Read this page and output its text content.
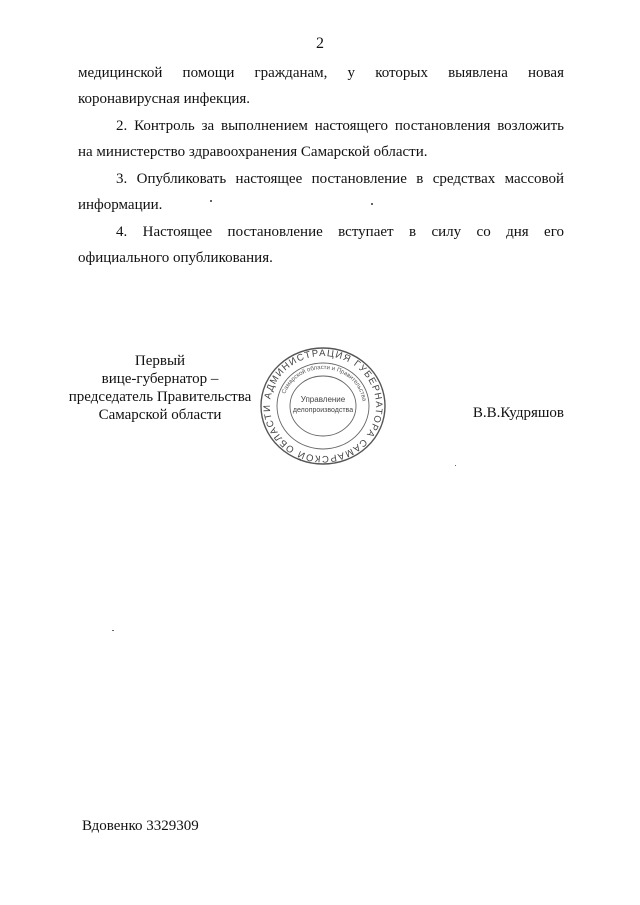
2

медицинской помощи гражданам, у которых выявлена новая
коронавирусная инфекция.

2. Контроль за выполнением настоящего постановления возложить
на министерство здравоохранения Самарской области.

3. Опубликовать настоящее постановление в средствах массовой
информации.

4. Настоящее постановление вступает в силу со дня его
официального опубликования.

Первый
вице-губернатор –
председатель Правительства
Самарской области
АДМИНИСТРАЦИЯ ГУБЕРНАТОРА САМАРСКОЙ ОБЛАСТИ
Самарской области и Правительства
Управление
делопроизводства	В.В.Кудряшов
Вдовенко 3329309
